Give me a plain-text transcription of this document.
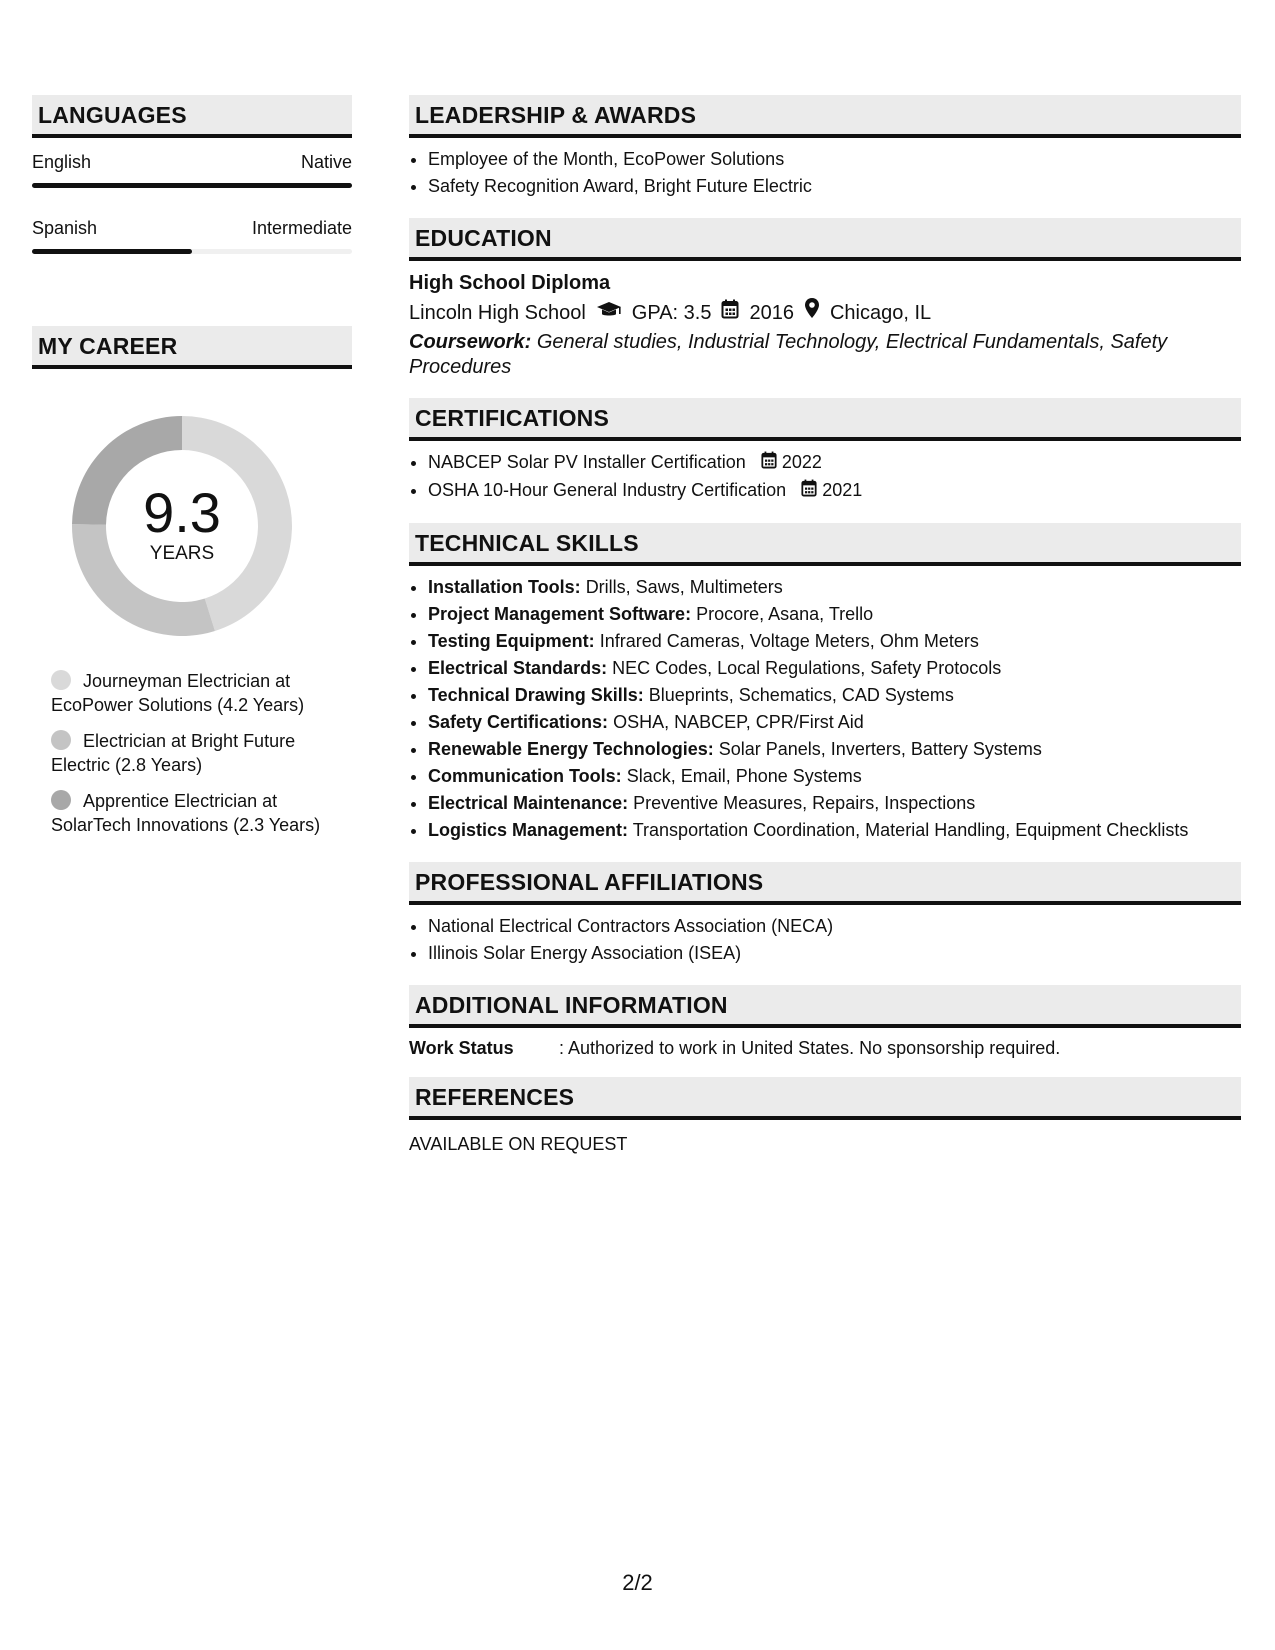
LANGUAGES
English	Native
Spanish	Intermediate
MY CAREER
9.3
YEARS
Journeyman Electrician at EcoPower Solutions (4.2 Years)
Electrician at Bright Future Electric (2.8 Years)
Apprentice Electrician at SolarTech Innovations (2.3 Years)
LEADERSHIP & AWARDS
• Employee of the Month, EcoPower Solutions
• Safety Recognition Award, Bright Future Electric
EDUCATION
High School Diploma
Lincoln High School GPA: 3.5 2016 Chicago, IL
Coursework: General studies, Industrial Technology, Electrical Fundamentals, Safety Procedures
CERTIFICATIONS
• NABCEP Solar PV Installer Certification 2022
• OSHA 10-Hour General Industry Certification 2021
TECHNICAL SKILLS
• Installation Tools: Drills, Saws, Multimeters
• Project Management Software: Procore, Asana, Trello
• Testing Equipment: Infrared Cameras, Voltage Meters, Ohm Meters
• Electrical Standards: NEC Codes, Local Regulations, Safety Protocols
• Technical Drawing Skills: Blueprints, Schematics, CAD Systems
• Safety Certifications: OSHA, NABCEP, CPR/First Aid
• Renewable Energy Technologies: Solar Panels, Inverters, Battery Systems
• Communication Tools: Slack, Email, Phone Systems
• Electrical Maintenance: Preventive Measures, Repairs, Inspections
• Logistics Management: Transportation Coordination, Material Handling, Equipment Checklists
PROFESSIONAL AFFILIATIONS
• National Electrical Contractors Association (NECA)
• Illinois Solar Energy Association (ISEA)
ADDITIONAL INFORMATION
Work Status	: Authorized to work in United States. No sponsorship required.
REFERENCES
AVAILABLE ON REQUEST
2/2
